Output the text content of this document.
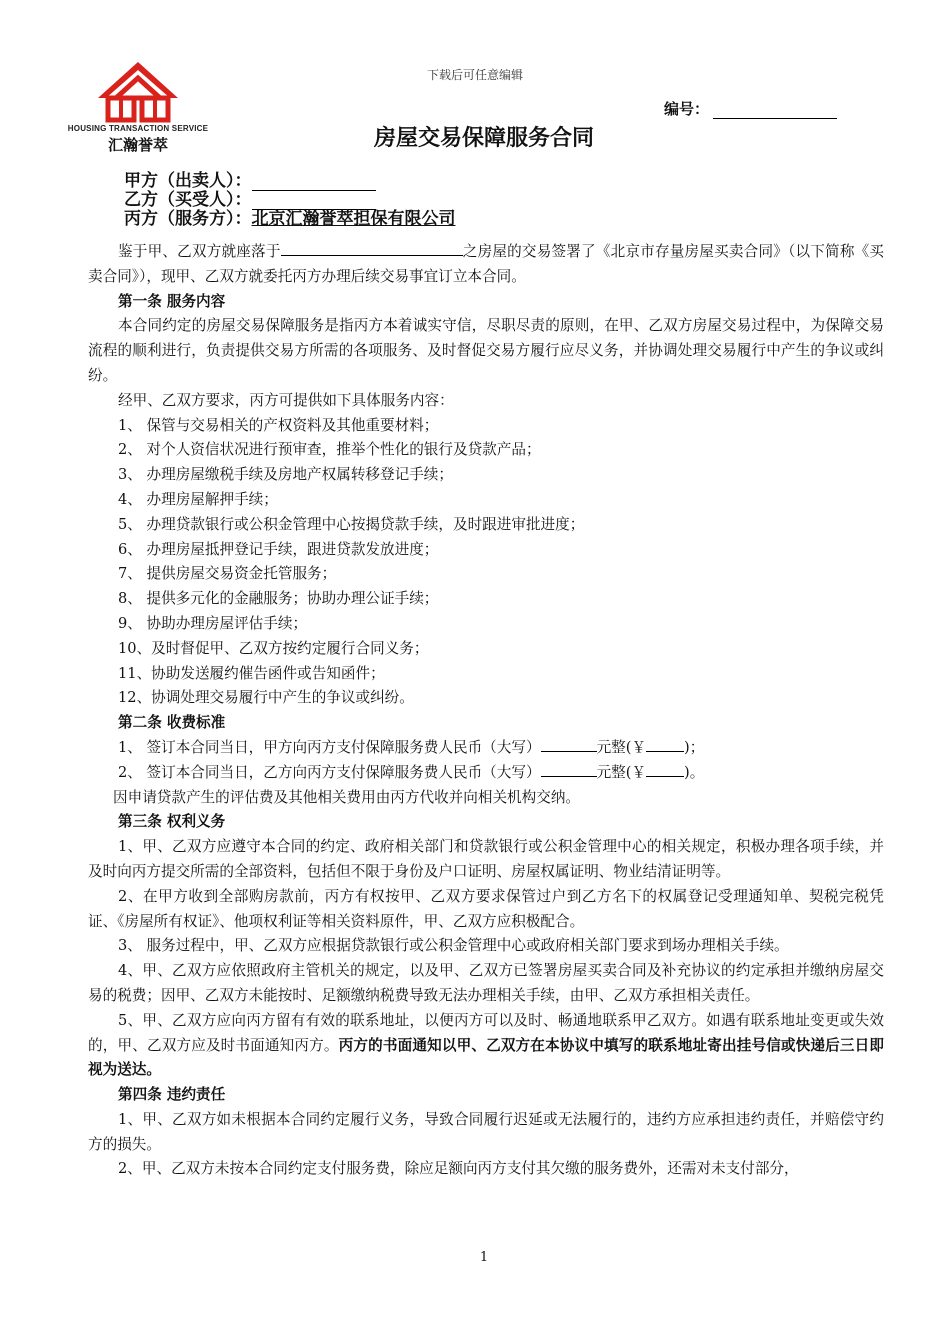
下载后可任意编辑
HOUSING TRANSACTION SERVICE
汇瀚誉萃
编号：
房屋交易保障服务合同
甲方（出卖人）：
乙方（买受人）：
丙方（服务方）：北京汇瀚誉萃担保有限公司

鉴于甲、乙双方就座落于	之房屋的交易签署了《北京市存量房屋买卖合同》（以下简称《买卖合同》），现甲、乙双方就委托丙方办理后续交易事宜订立本合同。

第一条 服务内容

本合同约定的房屋交易保障服务是指丙方本着诚实守信，尽职尽责的原则，在甲、乙双方房屋交易过程中，为保障交易流程的顺利进行，负责提供交易方所需的各项服务、及时督促交易方履行应尽义务，并协调处理交易履行中产生的争议或纠纷。

经甲、乙双方要求，丙方可提供如下具体服务内容：

1、 保管与交易相关的产权资料及其他重要材料；

2、 对个人资信状况进行预审查，推举个性化的银行及贷款产品；

3、 办理房屋缴税手续及房地产权属转移登记手续；

4、 办理房屋解押手续；

5、 办理贷款银行或公积金管理中心按揭贷款手续，及时跟进审批进度；

6、 办理房屋抵押登记手续，跟进贷款发放进度；

7、 提供房屋交易资金托管服务；

8、 提供多元化的金融服务；协助办理公证手续；

9、 协助办理房屋评估手续；

10、及时督促甲、乙双方按约定履行合同义务；

11、协助发送履约催告函件或告知函件；

12、协调处理交易履行中产生的争议或纠纷。

第二条 收费标准

1、 签订本合同当日，甲方向丙方支付保障服务费人民币（大写）	元整(￥	)；

2、 签订本合同当日，乙方向丙方支付保障服务费人民币（大写）	元整(￥	)。

因申请贷款产生的评估费及其他相关费用由丙方代收并向相关机构交纳。

第三条 权利义务

1、甲、乙双方应遵守本合同的约定、政府相关部门和贷款银行或公积金管理中心的相关规定，积极办理各项手续，并及时向丙方提交所需的全部资料，包括但不限于身份及户口证明、房屋权属证明、物业结清证明等。

2、在甲方收到全部购房款前，丙方有权按甲、乙双方要求保管过户到乙方名下的权属登记受理通知单、契税完税凭证、《房屋所有权证》、他项权利证等相关资料原件，甲、乙双方应积极配合。

3、 服务过程中，甲、乙双方应根据贷款银行或公积金管理中心或政府相关部门要求到场办理相关手续。

4、甲、乙双方应依照政府主管机关的规定，以及甲、乙双方已签署房屋买卖合同及补充协议的约定承担并缴纳房屋交易的税费；因甲、乙双方未能按时、足额缴纳税费导致无法办理相关手续，由甲、乙双方承担相关责任。

5、甲、乙双方应向丙方留有有效的联系地址，以便丙方可以及时、畅通地联系甲乙双方。如遇有联系地址变更或失效的，甲、乙双方应及时书面通知丙方。丙方的书面通知以甲、乙双方在本协议中填写的联系地址寄出挂号信或快递后三日即视为送达。

第四条 违约责任

1、甲、乙双方如未根据本合同约定履行义务，导致合同履行迟延或无法履行的，违约方应承担违约责任，并赔偿守约方的损失。

2、甲、乙双方未按本合同约定支付服务费，除应足额向丙方支付其欠缴的服务费外，还需对未支付部分，

1
